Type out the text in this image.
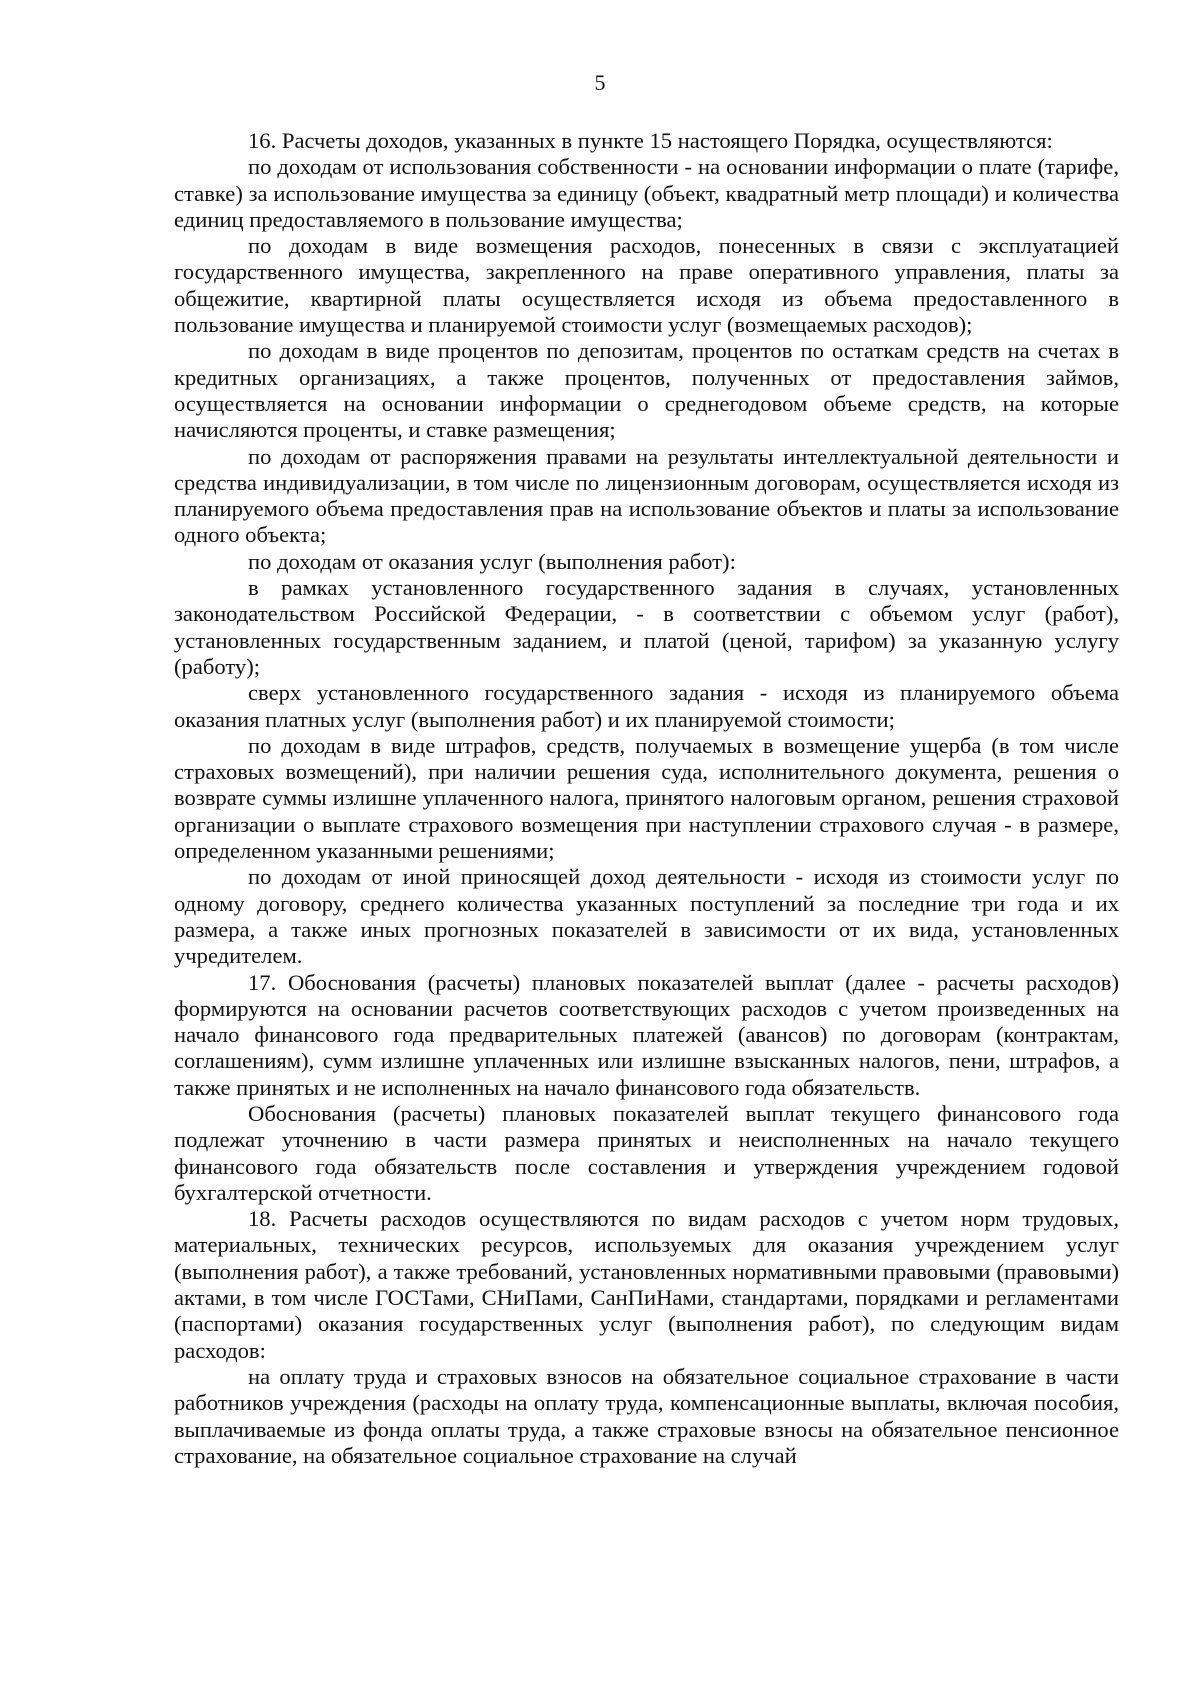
5

16. Расчеты доходов, указанных в пункте 15 настоящего Порядка, осуществляются:

по доходам от использования собственности - на основании информации о плате (тарифе, ставке) за использование имущества за единицу (объект, квадратный метр площади) и количества единиц предоставляемого в пользование имущества;

по доходам в виде возмещения расходов, понесенных в связи с эксплуатацией государственного имущества, закрепленного на праве оперативного управления, платы за общежитие, квартирной платы осуществляется исходя из объема предоставленного в пользование имущества и планируемой стоимости услуг (возмещаемых расходов);

по доходам в виде процентов по депозитам, процентов по остаткам средств на счетах в кредитных организациях, а также процентов, полученных от предоставления займов, осуществляется на основании информации о среднегодовом объеме средств, на которые начисляются проценты, и ставке размещения;

по доходам от распоряжения правами на результаты интеллектуальной деятельности и средства индивидуализации, в том числе по лицензионным договорам, осуществляется исходя из планируемого объема предоставления прав на использование объектов и платы за использование одного объекта;

по доходам от оказания услуг (выполнения работ):

в рамках установленного государственного задания в случаях, установленных законодательством Российской Федерации, - в соответствии с объемом услуг (работ), установленных государственным заданием, и платой (ценой, тарифом) за указанную услугу (работу);

сверх установленного государственного задания - исходя из планируемого объема оказания платных услуг (выполнения работ) и их планируемой стоимости;

по доходам в виде штрафов, средств, получаемых в возмещение ущерба (в том числе страховых возмещений), при наличии решения суда, исполнительного документа, решения о возврате суммы излишне уплаченного налога, принятого налоговым органом, решения страховой организации о выплате страхового возмещения при наступлении страхового случая - в размере, определенном указанными решениями;

по доходам от иной приносящей доход деятельности - исходя из стоимости услуг по одному договору, среднего количества указанных поступлений за последние три года и их размера, а также иных прогнозных показателей в зависимости от их вида, установленных учредителем.

17. Обоснования (расчеты) плановых показателей выплат (далее - расчеты расходов) формируются на основании расчетов соответствующих расходов с учетом произведенных на начало финансового года предварительных платежей (авансов) по договорам (контрактам, соглашениям), сумм излишне уплаченных или излишне взысканных налогов, пени, штрафов, а также принятых и не исполненных на начало финансового года обязательств.

Обоснования (расчеты) плановых показателей выплат текущего финансового года подлежат уточнению в части размера принятых и неисполненных на начало текущего финансового года обязательств после составления и утверждения учреждением годовой бухгалтерской отчетности.

18. Расчеты расходов осуществляются по видам расходов с учетом норм трудовых, материальных, технических ресурсов, используемых для оказания учреждением услуг (выполнения работ), а также требований, установленных нормативными правовыми (правовыми) актами, в том числе ГОСТами, СНиПами, СанПиНами, стандартами, порядками и регламентами (паспортами) оказания государственных услуг (выполнения работ), по следующим видам расходов:

на оплату труда и страховых взносов на обязательное социальное страхование в части работников учреждения (расходы на оплату труда, компенсационные выплаты, включая пособия, выплачиваемые из фонда оплаты труда, а также страховые взносы на обязательное пенсионное страхование, на обязательное социальное страхование на случай
